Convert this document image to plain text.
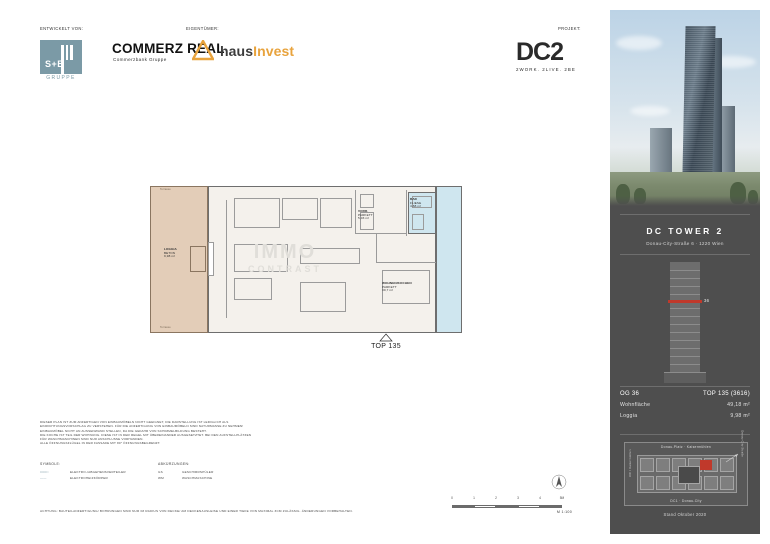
ENTWICKELT VON:	EIGENTÜMER:	PROJEKT:
S+B
GRUPPE
COMMERZ REAL
Commerzbank Gruppe
hausInvest	DC2
2WORK. 2LIVE. 2BE
LOGGIA
BETON
9,98 m²
BAD
FLIESE
4,88 m²
VORR.
PARKETT
5,03 m²
WOHNEN/KOCHEN
PARKETT
30,7 m²
Terrasse
Terrasse
IMMO
CONTRAST
TOP 135

DIESER PLAN IST ZUM ANFERTIGEN VON EINBAUMÖBELN NICHT GEEIGNET, DIE DARSTELLUNG IST LEDIGLICH ALS

EINRICHTUNGSVORSCHLAG ZU VERSTEHEN. FÜR DIE ANFERTIGUNG VON EINBAUMÖBELN SIND NATURMASSE ZU NEHMEN!

EINBAUMÖBEL NICHT AN AUSSENWAND STELLEN, DA DIE GEFAHR VON SCHIMMELBILDUNG BESTEHT.

DIE KOCHE IST TEIL DER WOHNUNG. DIESE IST IN DER REGEL MIT ÜBEREINANDER AUSGESETZTET. BEI DEN AUFSTELLPLÄTZEN

FÜR WASCHMASCHINEN SIND NUR ANSCHLUSSE VORHANDEN.

ALLE ÖFFNUNGSFLÜGEL IN DER FASSADE MIT 80° ÖFFNUNGSBEGRENZT.

SYMBOLE:	ABKÜRZUNGEN:
□□□□	ELEKTRO-/ABGEHENSVERTEILER	GS	GESCHIRRSPÜLER
——	ELEKTROHEIZKÖRPER	WM	WASCHMASCHINE
ACHTUNG: BAUTEILANFERTIGUNG/ BOHRUNGEN SIND NUR IM RADIUS VON DECKE/ AM DECKENAUSLEISE UND EINER TIEFE VON MAXIMAL 3CM ZULÄSSIG. ÄNDERUNGEN VORBEHALTEN.
0	1	2	3	4	5M
M 1:100
DC TOWER 2
Donau-City-Straße 6 · 1220 Wien
36
OG 36	TOP 135 (3616)
Wohnfläche	49,18 m²
Loggia	9,98 m²
Donau-Platz · Kaisermühlen
VIC / Kaisermühlen
Donau-City-Straße
DC1 · Donau-City
Stand Oktober 2020
